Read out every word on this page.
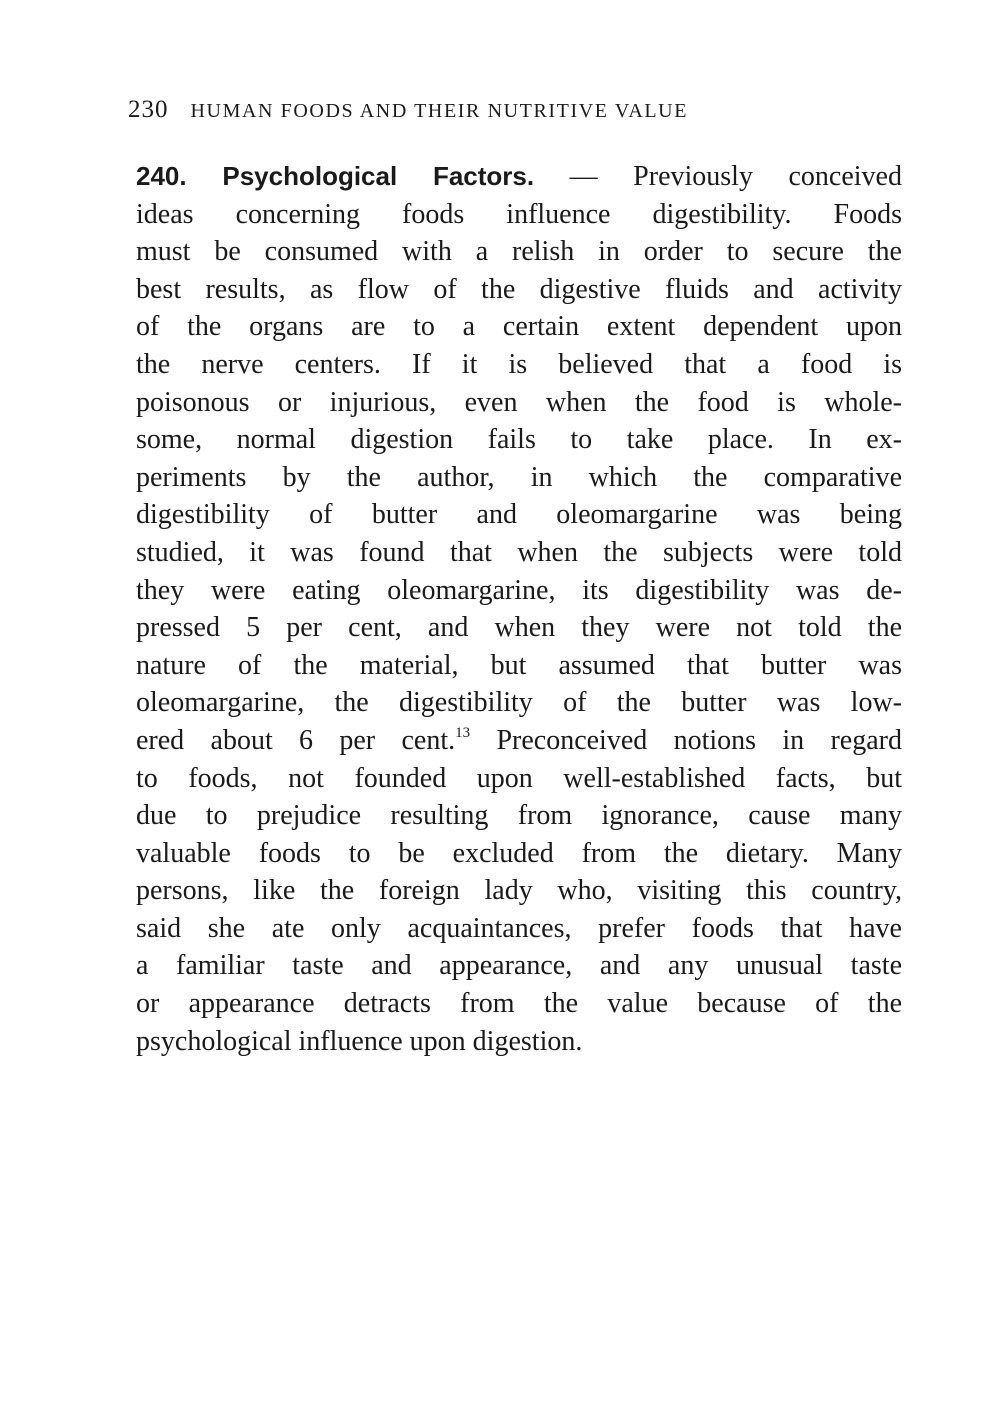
230 HUMAN FOODS AND THEIR NUTRITIVE VALUE
240. Psychological Factors. — Previously conceived
ideas concerning foods influence digestibility. Foods
must be consumed with a relish in order to secure the
best results, as flow of the digestive fluids and activity
of the organs are to a certain extent dependent upon
the nerve centers. If it is believed that a food is
poisonous or injurious, even when the food is whole-
some, normal digestion fails to take place. In ex-
periments by the author, in which the comparative
digestibility of butter and oleomargarine was being
studied, it was found that when the subjects were told
they were eating oleomargarine, its digestibility was de-
pressed 5 per cent, and when they were not told the
nature of the material, but assumed that butter was
oleomargarine, the digestibility of the butter was low-
ered about 6 per cent.$^{13}$ Preconceived notions in regard
to foods, not founded upon well-established facts, but
due to prejudice resulting from ignorance, cause many
valuable foods to be excluded from the dietary. Many
persons, like the foreign lady who, visiting this country,
said she ate only acquaintances, prefer foods that have
a familiar taste and appearance, and any unusual taste
or appearance detracts from the value because of the
psychological influence upon digestion.
